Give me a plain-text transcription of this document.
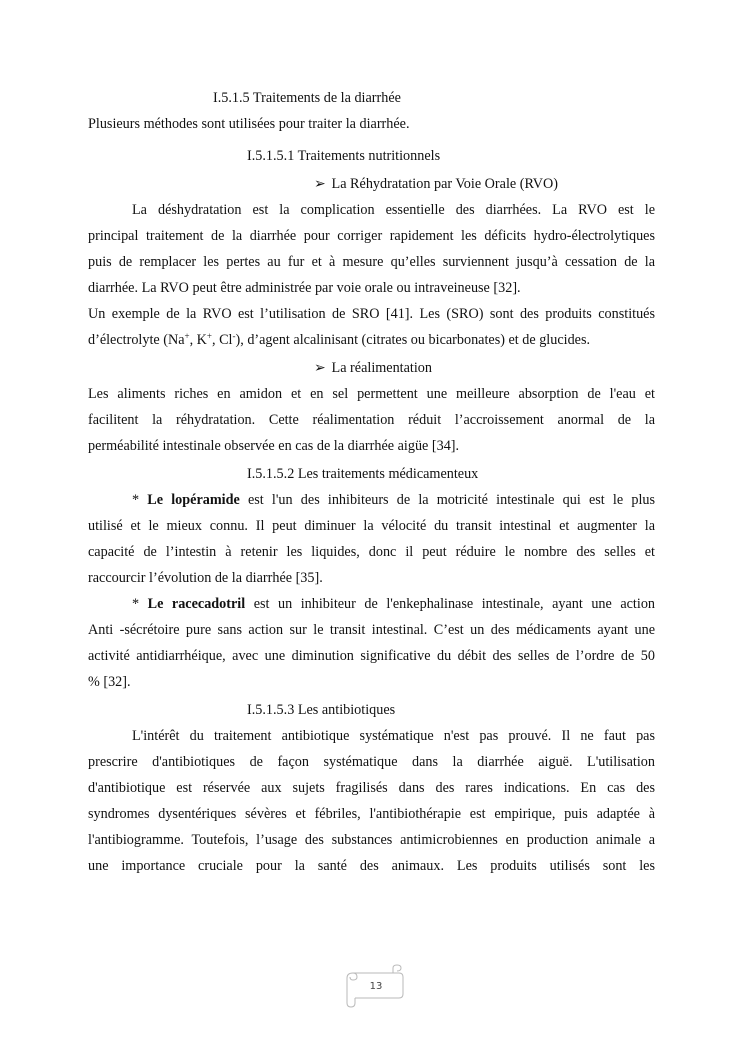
I.5.1.5 Traitements de la diarrhée
Plusieurs méthodes sont utilisées pour traiter la diarrhée.
I.5.1.5.1 Traitements nutritionnels
➢ La Réhydratation par Voie Orale (RVO)
La déshydratation est la complication essentielle des diarrhées. La RVO est le
principal traitement de la diarrhée pour corriger rapidement les déficits hydro-électrolytiques
puis de remplacer les pertes au fur et à mesure qu’elles surviennent jusqu’à cessation de la
diarrhée. La RVO peut être administrée par voie orale ou intraveineuse [32].
Un exemple de la RVO est l’utilisation de SRO [41]. Les (SRO) sont des produits constitués
d’électrolyte (Na+, K+, Cl-), d’agent alcalinisant (citrates ou bicarbonates) et de glucides.
➢ La réalimentation
Les aliments riches en amidon et en sel permettent une meilleure absorption de l'eau et
facilitent la réhydratation. Cette réalimentation réduit l’accroissement anormal de la
perméabilité intestinale observée en cas de la diarrhée aigüe [34].
I.5.1.5.2 Les traitements médicamenteux
* Le lopéramide est l'un des inhibiteurs de la motricité intestinale qui est le plus
utilisé et le mieux connu. Il peut diminuer la vélocité du transit intestinal et augmenter la
capacité de l’intestin à retenir les liquides, donc il peut réduire le nombre des selles et
raccourcir l’évolution de la diarrhée [35].
* Le racecadotril est un inhibiteur de l'enkephalinase intestinale, ayant une action
Anti -sécrétoire pure sans action sur le transit intestinal. C’est un des médicaments ayant une
activité antidiarrhéique, avec une diminution significative du débit des selles de l’ordre de 50
% [32].
I.5.1.5.3 Les antibiotiques
L'intérêt du traitement antibiotique systématique n'est pas prouvé. Il ne faut pas
prescrire d'antibiotiques de façon systématique dans la diarrhée aiguë. L'utilisation
d'antibiotique est réservée aux sujets fragilisés dans des rares indications. En cas des
syndromes dysentériques sévères et fébriles, l'antibiothérapie est empirique, puis adaptée à
l'antibiogramme. Toutefois, l’usage des substances antimicrobiennes en production animale a
une importance cruciale pour la santé des animaux. Les produits utilisés sont les
13
